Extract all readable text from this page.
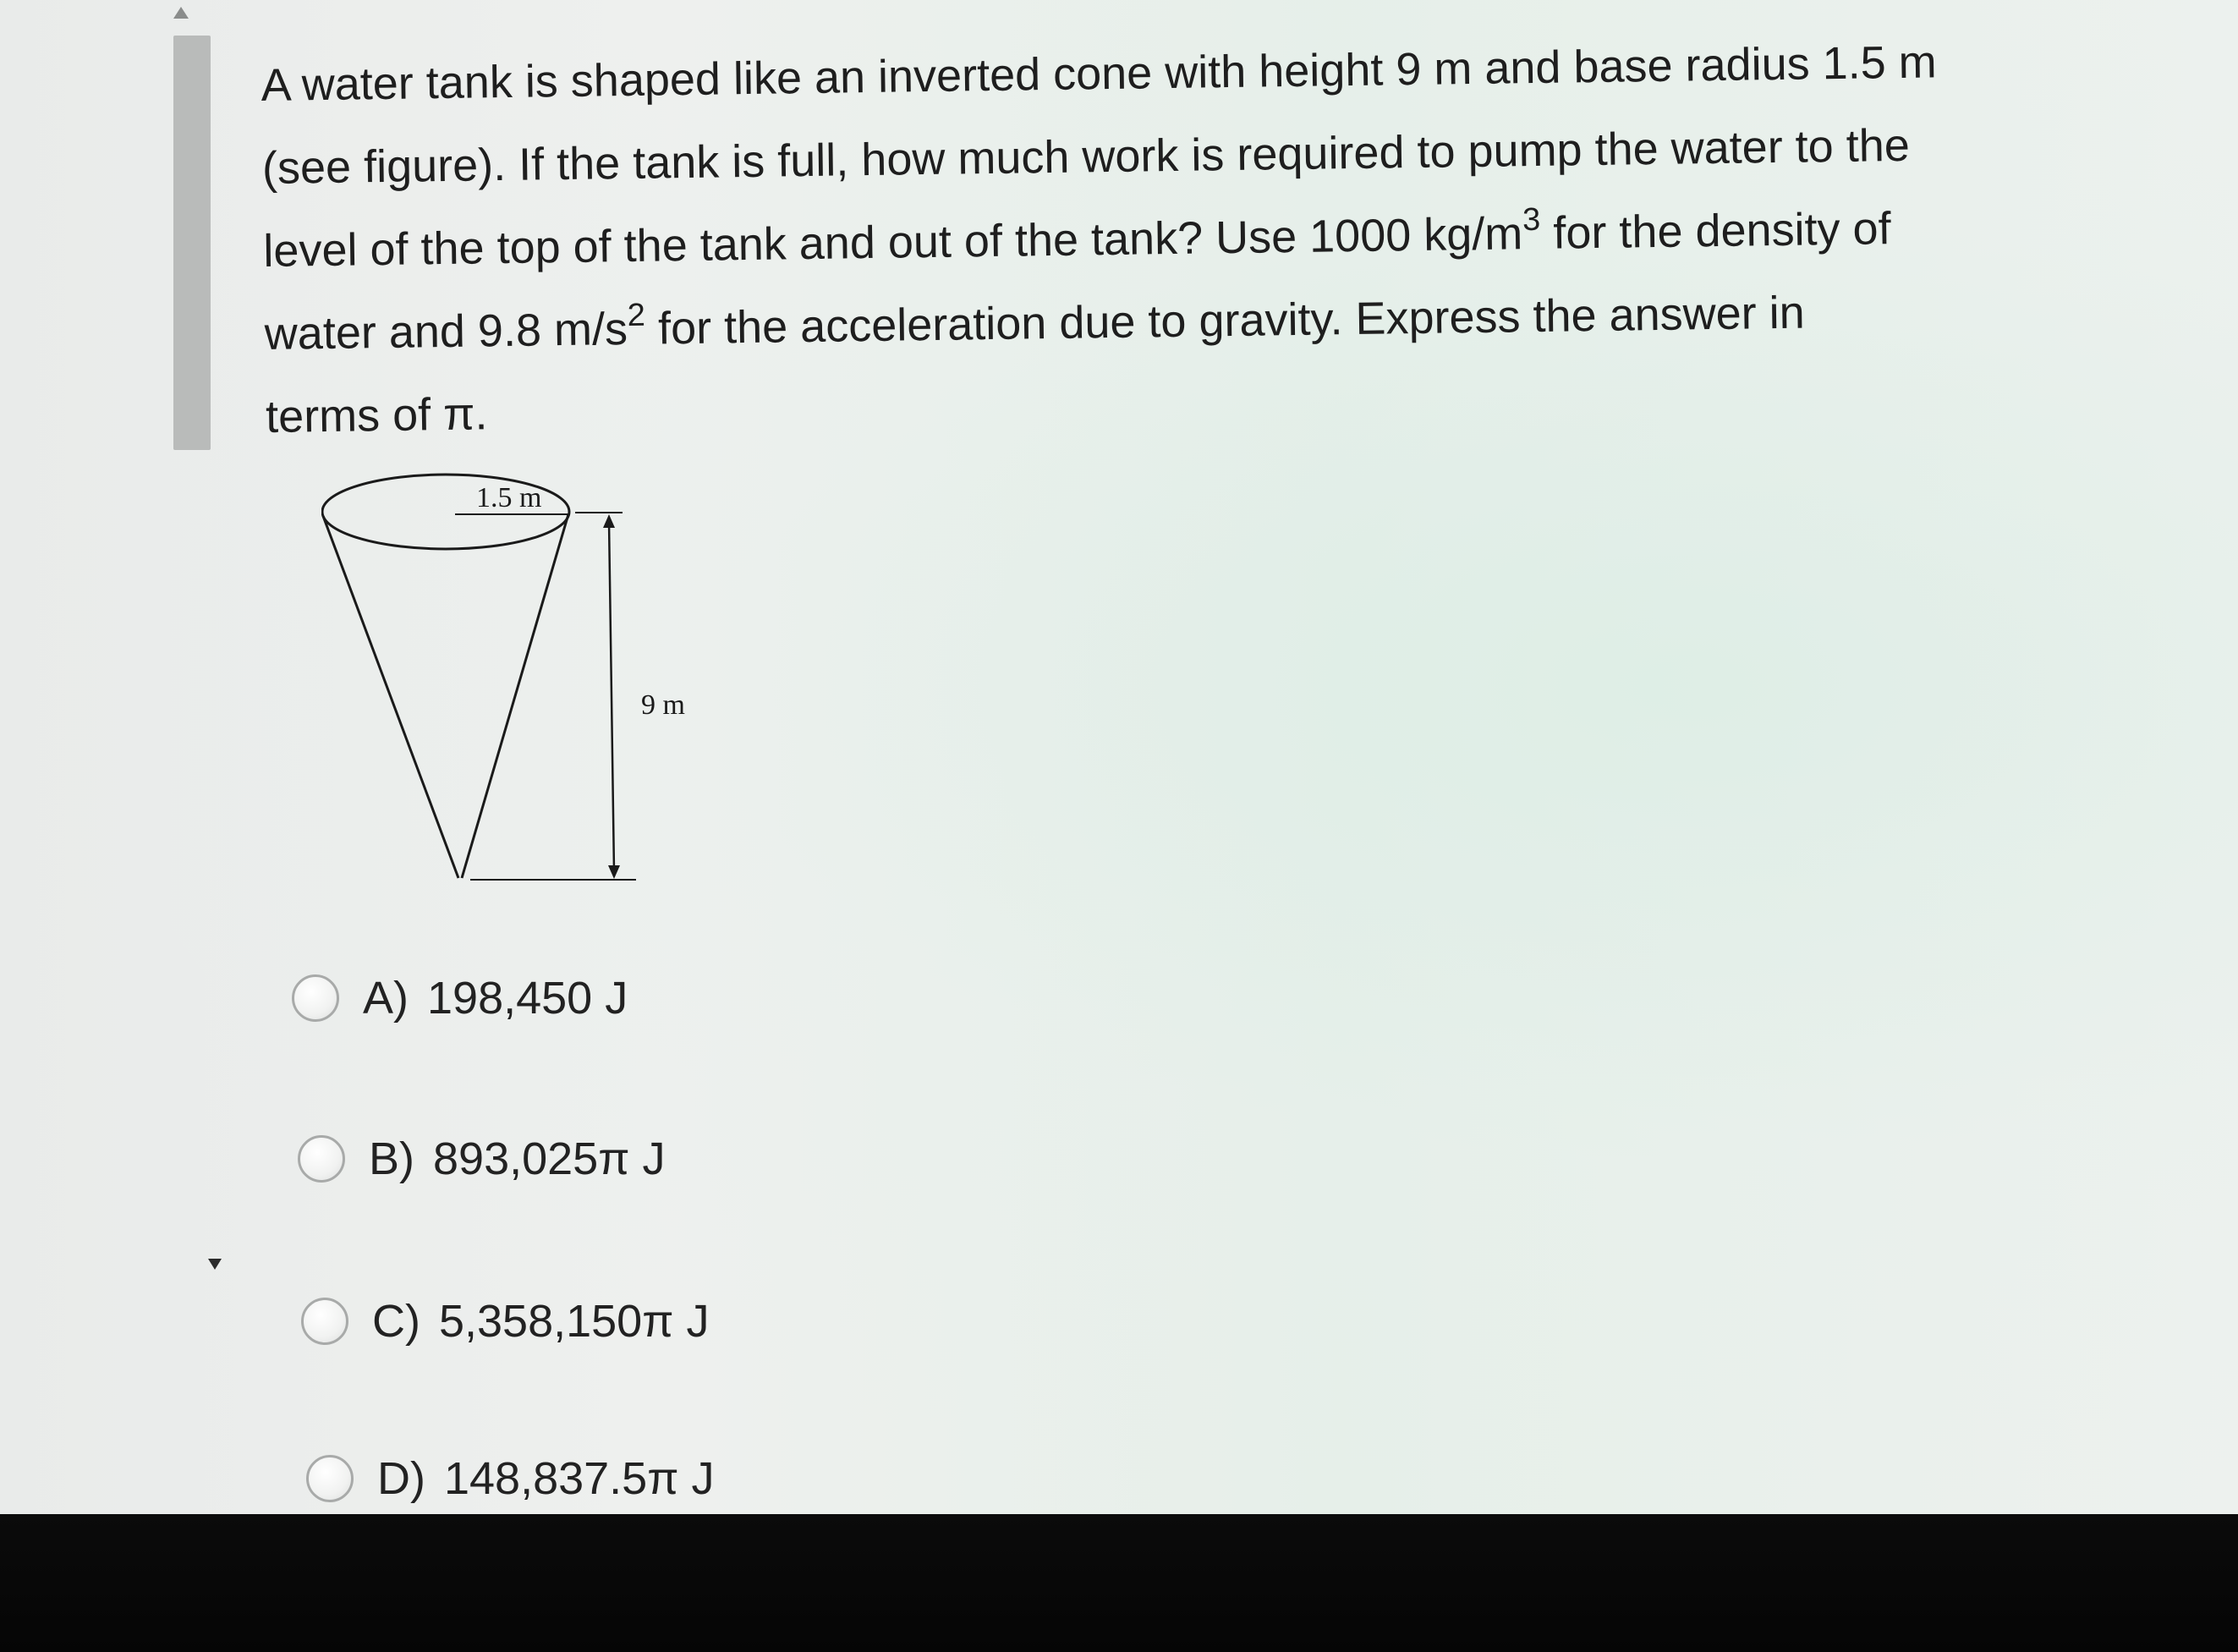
A water tank is shaped like an inverted cone with height 9 m and base radius 1.5 m
(see figure). If the tank is full, how much work is required to pump the water to the
level of the top of the tank and out of the tank? Use 1000 $kg/m^3$ for the density of
water and 9.8 $m/s^2$ for the acceleration due to gravity. Express the answer in
terms of π.
1.5 m
9 m
A) 198,450 J
B) 893,025π J
C) 5,358,150π J
D) 148,837.5π J
